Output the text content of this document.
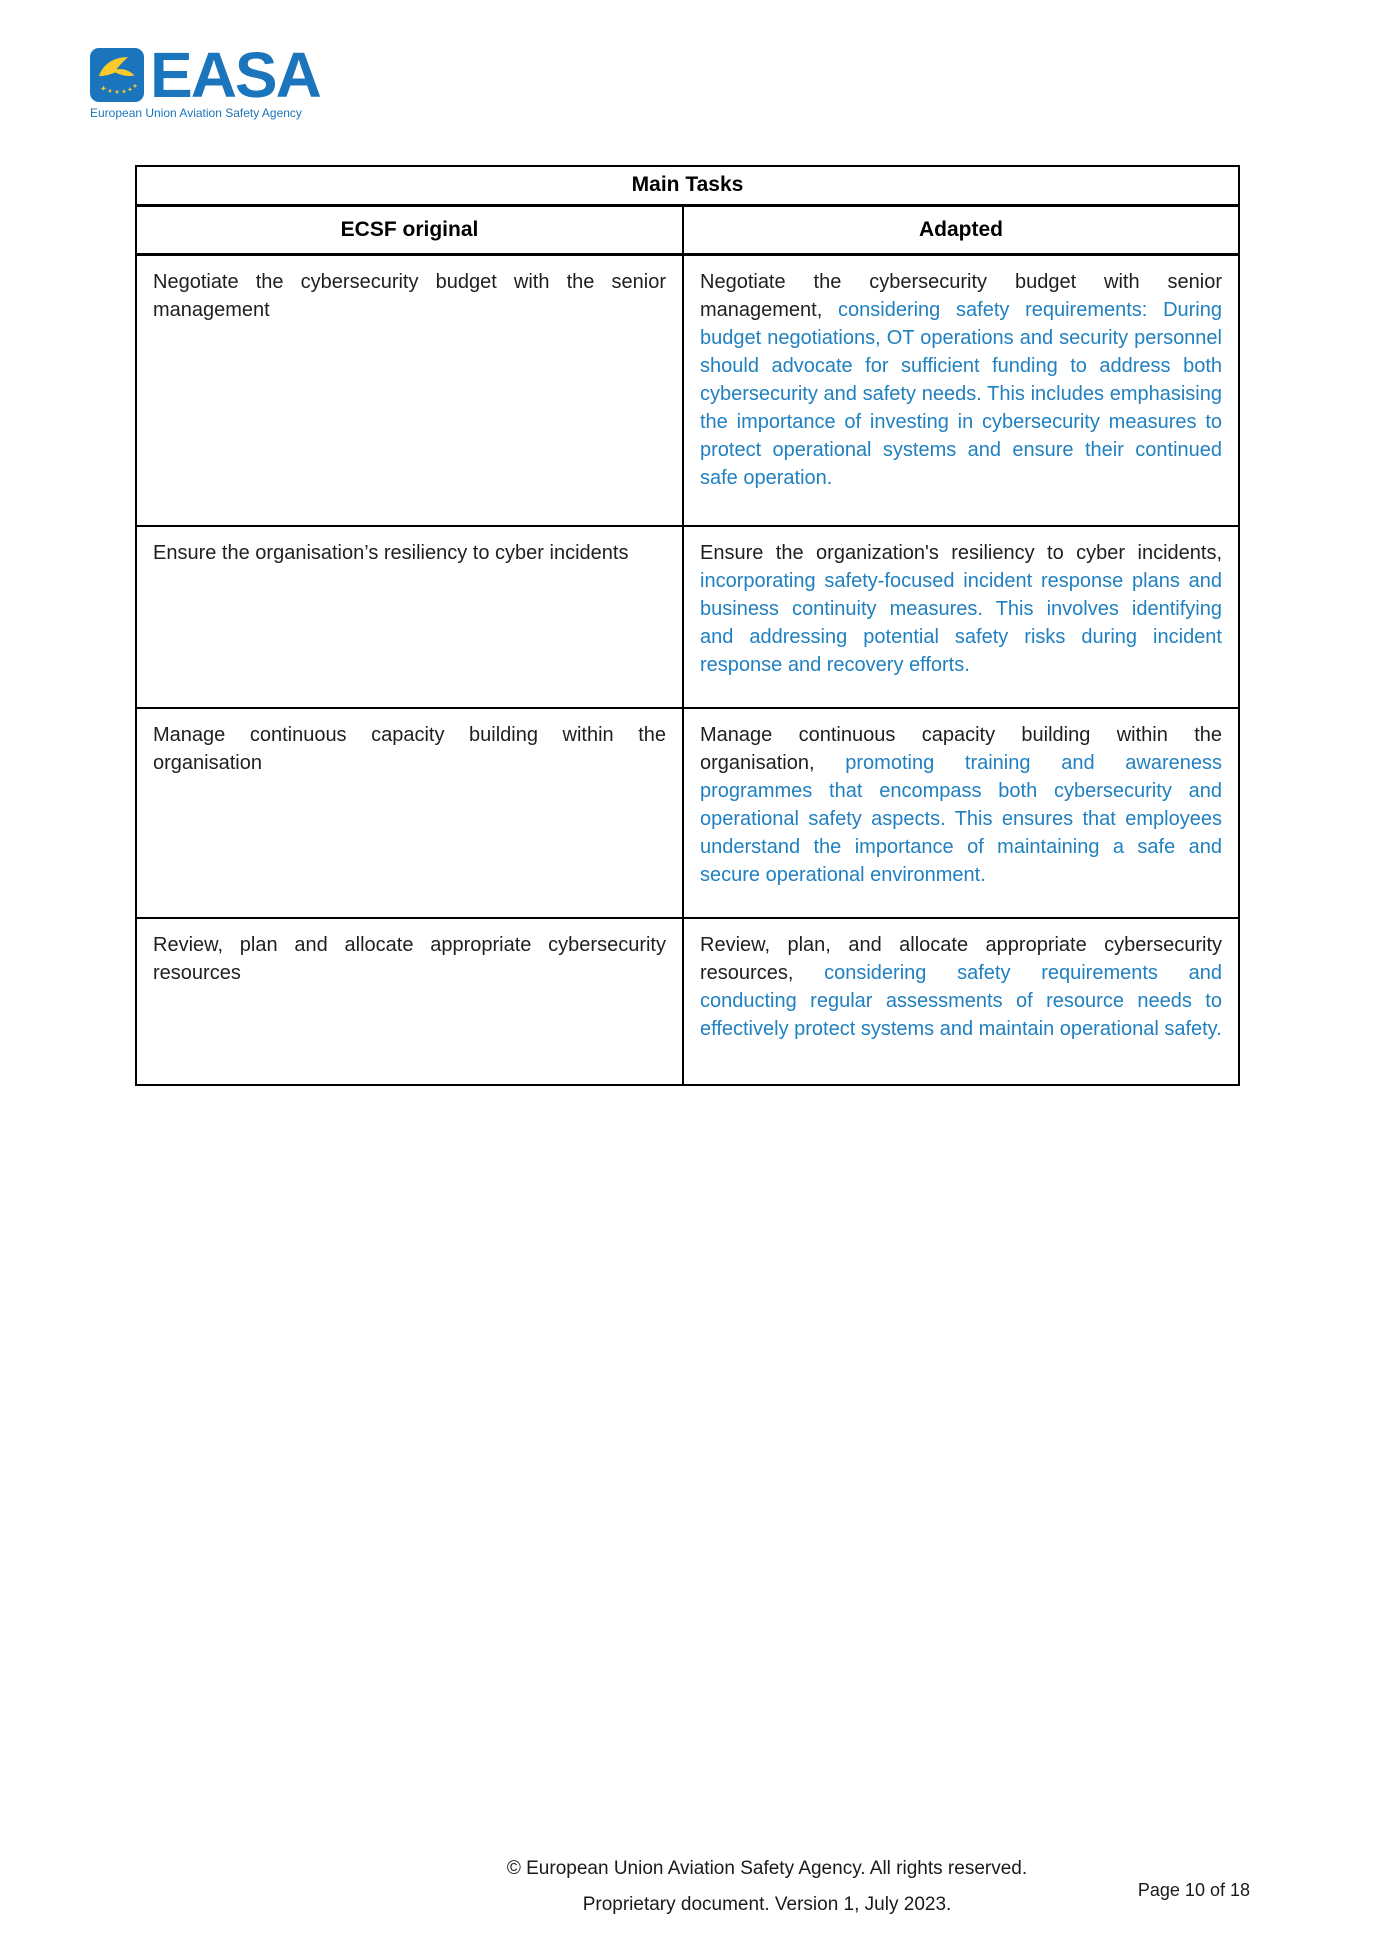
EASA
European Union Aviation Safety Agency
Main Tasks
ECSF original	Adapted
Negotiate the cybersecurity budget with the senior management
Negotiate the cybersecurity budget with senior management, considering safety requirements: During budget negotiations, OT operations and security personnel should advocate for sufficient funding to address both cybersecurity and safety needs. This includes emphasising the importance of investing in cybersecurity measures to protect operational systems and ensure their continued safe operation.
Ensure the organisation’s resiliency to cyber incidents	Ensure the organization's resiliency to cyber incidents, incorporating safety-focused incident response plans and business continuity measures. This involves identifying and addressing potential safety risks during incident response and recovery efforts.
Manage continuous capacity building within the organisation
Manage continuous capacity building within the organisation, promoting training and awareness programmes that encompass both cybersecurity and operational safety aspects. This ensures that employees understand the importance of maintaining a safe and secure operational environment.
Review, plan and allocate appropriate cybersecurity resources
Review, plan, and allocate appropriate cybersecurity resources, considering safety requirements and conducting regular assessments of resource needs to effectively protect systems and maintain operational safety.
© European Union Aviation Safety Agency. All rights reserved.
Proprietary document. Version 1, July 2023.
Page 10 of 18
